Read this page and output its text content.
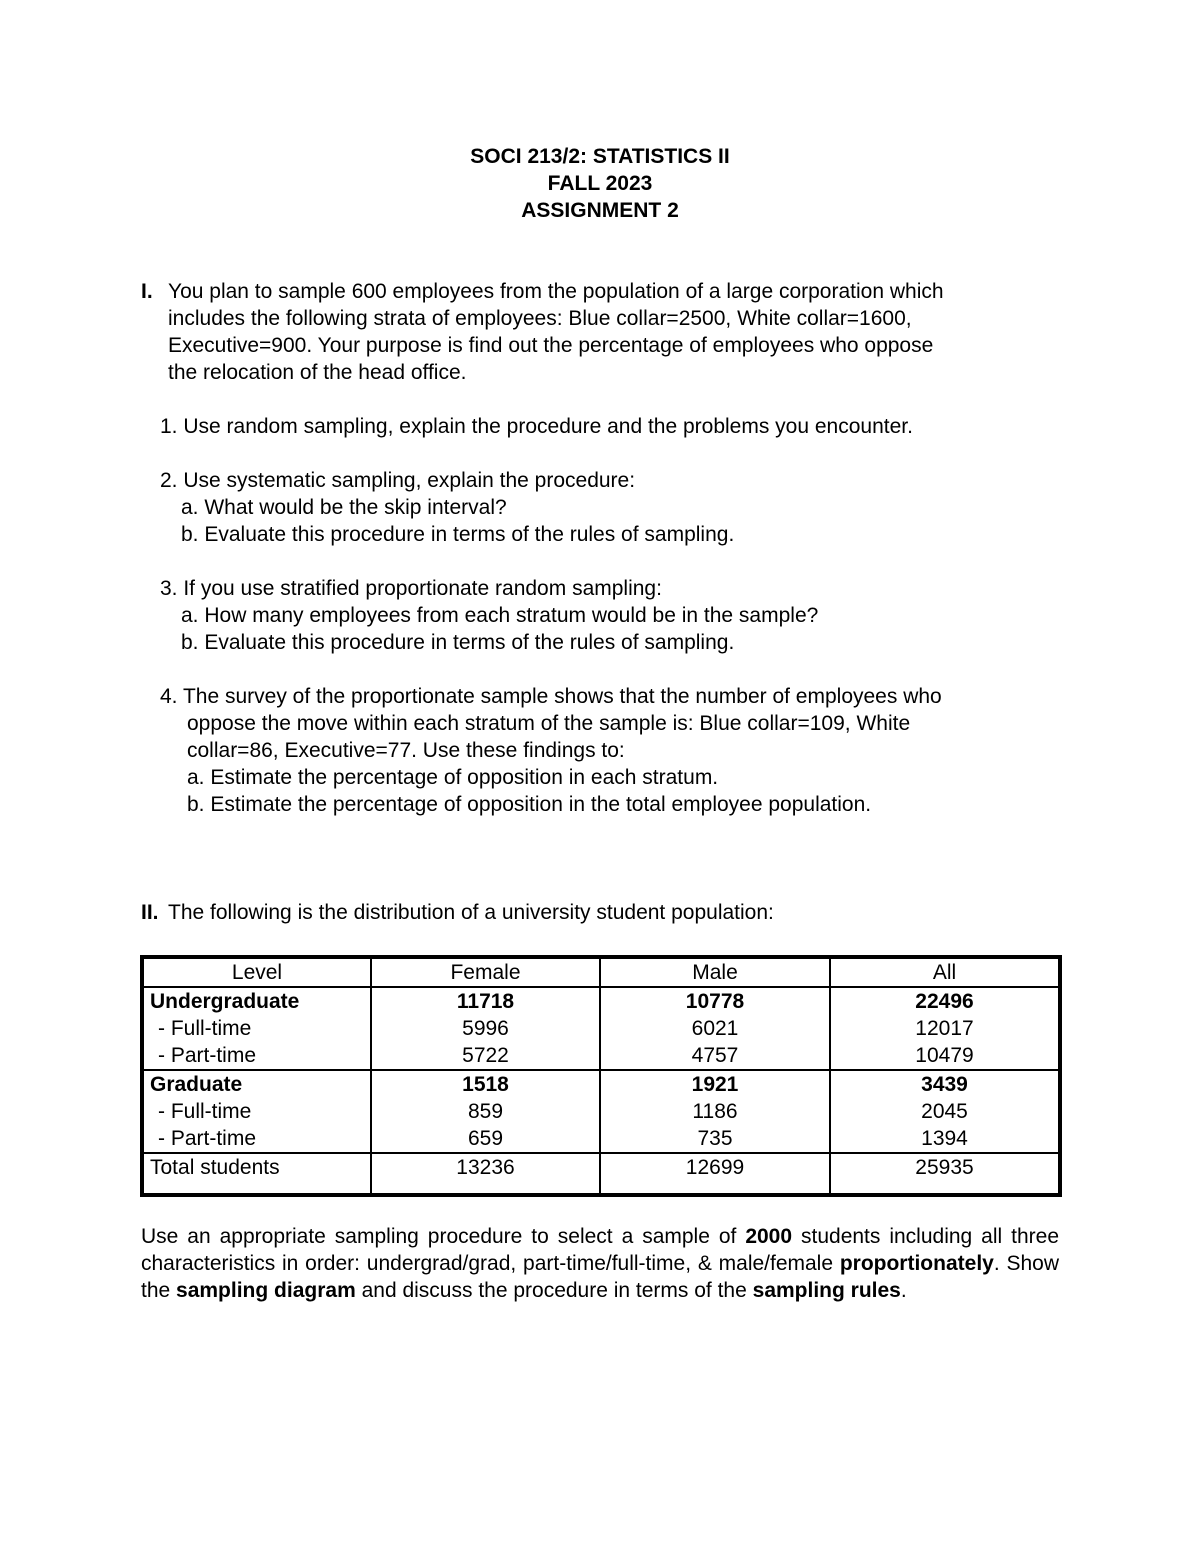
SOCI 213/2: STATISTICS II
FALL 2023
ASSIGNMENT 2
I. You plan to sample 600 employees from the population of a large corporation which
includes the following strata of employees: Blue collar=2500, White collar=1600,
Executive=900. Your purpose is find out the percentage of employees who oppose
the relocation of the head office.
1. Use random sampling, explain the procedure and the problems you encounter.
2. Use systematic sampling, explain the procedure:
a. What would be the skip interval?
b. Evaluate this procedure in terms of the rules of sampling.
3. If you use stratified proportionate random sampling:
a. How many employees from each stratum would be in the sample?
b. Evaluate this procedure in terms of the rules of sampling.
4. The survey of the proportionate sample shows that the number of employees who
oppose the move within each stratum of the sample is: Blue collar=109, White
collar=86, Executive=77. Use these findings to:
a. Estimate the percentage of opposition in each stratum.
b. Estimate the percentage of opposition in the total employee population.
II. The following is the distribution of a university student population:
Level	Female	Male	All
Undergraduate	11718	10778	22496
- Full-time	5996	6021	12017
- Part-time	5722	4757	10479
Graduate	1518	1921	3439
- Full-time	859	1186	2045
- Part-time	659	735	1394
Total students	13236	12699	25935
Use an appropriate sampling procedure to select a sample of 2000 students including all three characteristics in order: undergrad/grad, part-time/full-time, & male/female proportionately. Show the sampling diagram and discuss the procedure in terms of the sampling rules.
